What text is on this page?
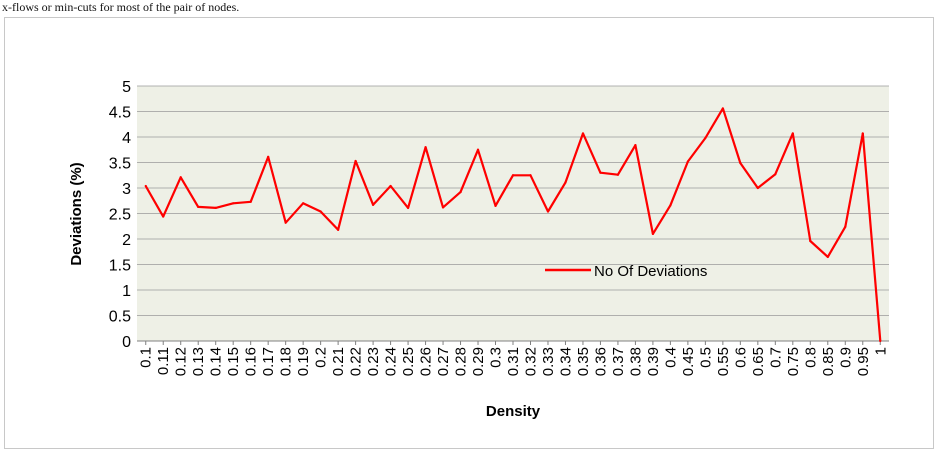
x-flows or min-cuts for most of the pair of nodes.
0
0.5
1
1.5
2
2.5
3
3.5
4
4.5
5
0.1 0.11 0.12 0.13 0.14 0.15 0.16 0.17 0.18 0.19 0.2 0.21 0.22 0.23 0.24 0.25 0.26 0.27 0.28 0.29 0.3 0.31 0.32 0.33 0.34 0.35 0.36 0.37 0.38 0.39 0.4 0.45 0.5 0.55 0.6 0.65 0.7 0.75 0.8 0.85 0.9 0.95 1
Deviations (%)
Density
No Of Deviations
